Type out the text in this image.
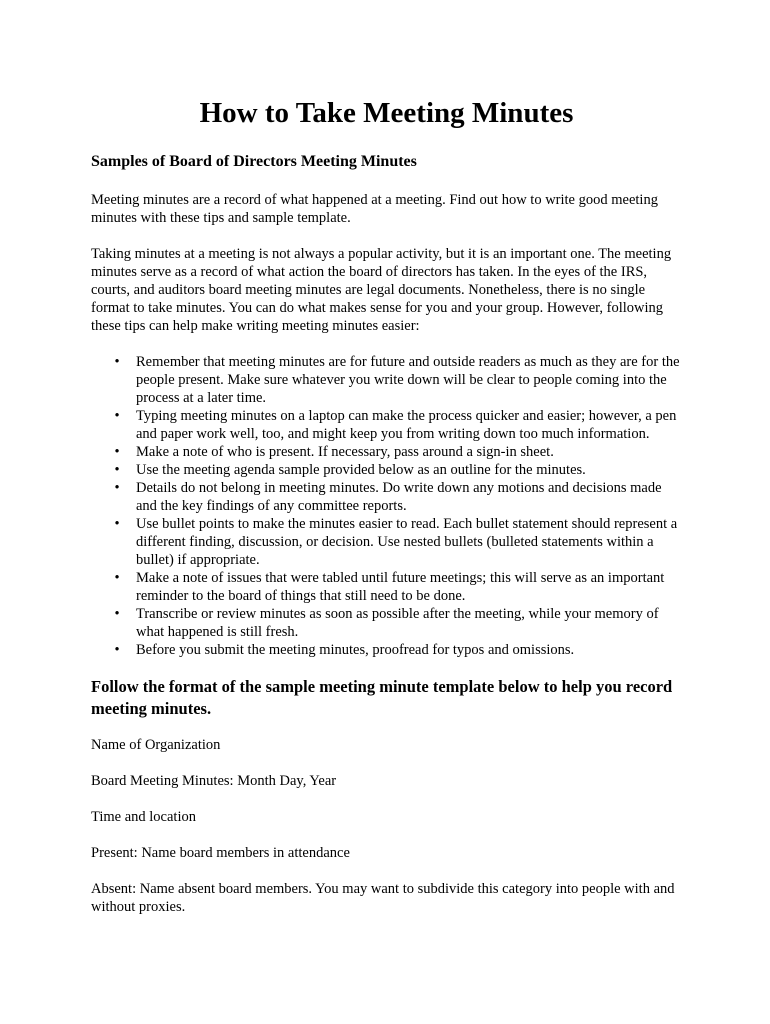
How to Take Meeting Minutes
Samples of Board of Directors Meeting Minutes

Meeting minutes are a record of what happened at a meeting. Find out how to write good meeting minutes with these tips and sample template.

Taking minutes at a meeting is not always a popular activity, but it is an important one. The meeting minutes serve as a record of what action the board of directors has taken. In the eyes of the IRS, courts, and auditors board meeting minutes are legal documents. Nonetheless, there is no single format to take minutes. You can do what makes sense for you and your group. However, following these tips can help make writing meeting minutes easier:

• Remember that meeting minutes are for future and outside readers as much as they are for the people present. Make sure whatever you write down will be clear to people coming into the process at a later time.
• Typing meeting minutes on a laptop can make the process quicker and easier; however, a pen and paper work well, too, and might keep you from writing down too much information.
• Make a note of who is present. If necessary, pass around a sign-in sheet.
• Use the meeting agenda sample provided below as an outline for the minutes.
• Details do not belong in meeting minutes. Do write down any motions and decisions made and the key findings of any committee reports.
• Use bullet points to make the minutes easier to read. Each bullet statement should represent a different finding, discussion, or decision. Use nested bullets (bulleted statements within a bullet) if appropriate.
• Make a note of issues that were tabled until future meetings; this will serve as an important reminder to the board of things that still need to be done.
• Transcribe or review minutes as soon as possible after the meeting, while your memory of what happened is still fresh.
• Before you submit the meeting minutes, proofread for typos and omissions.
Follow the format of the sample meeting minute template below to help you record meeting minutes.

Name of Organization

Board Meeting Minutes: Month Day, Year

Time and location

Present: Name board members in attendance

Absent: Name absent board members. You may want to subdivide this category into people with and without proxies.
